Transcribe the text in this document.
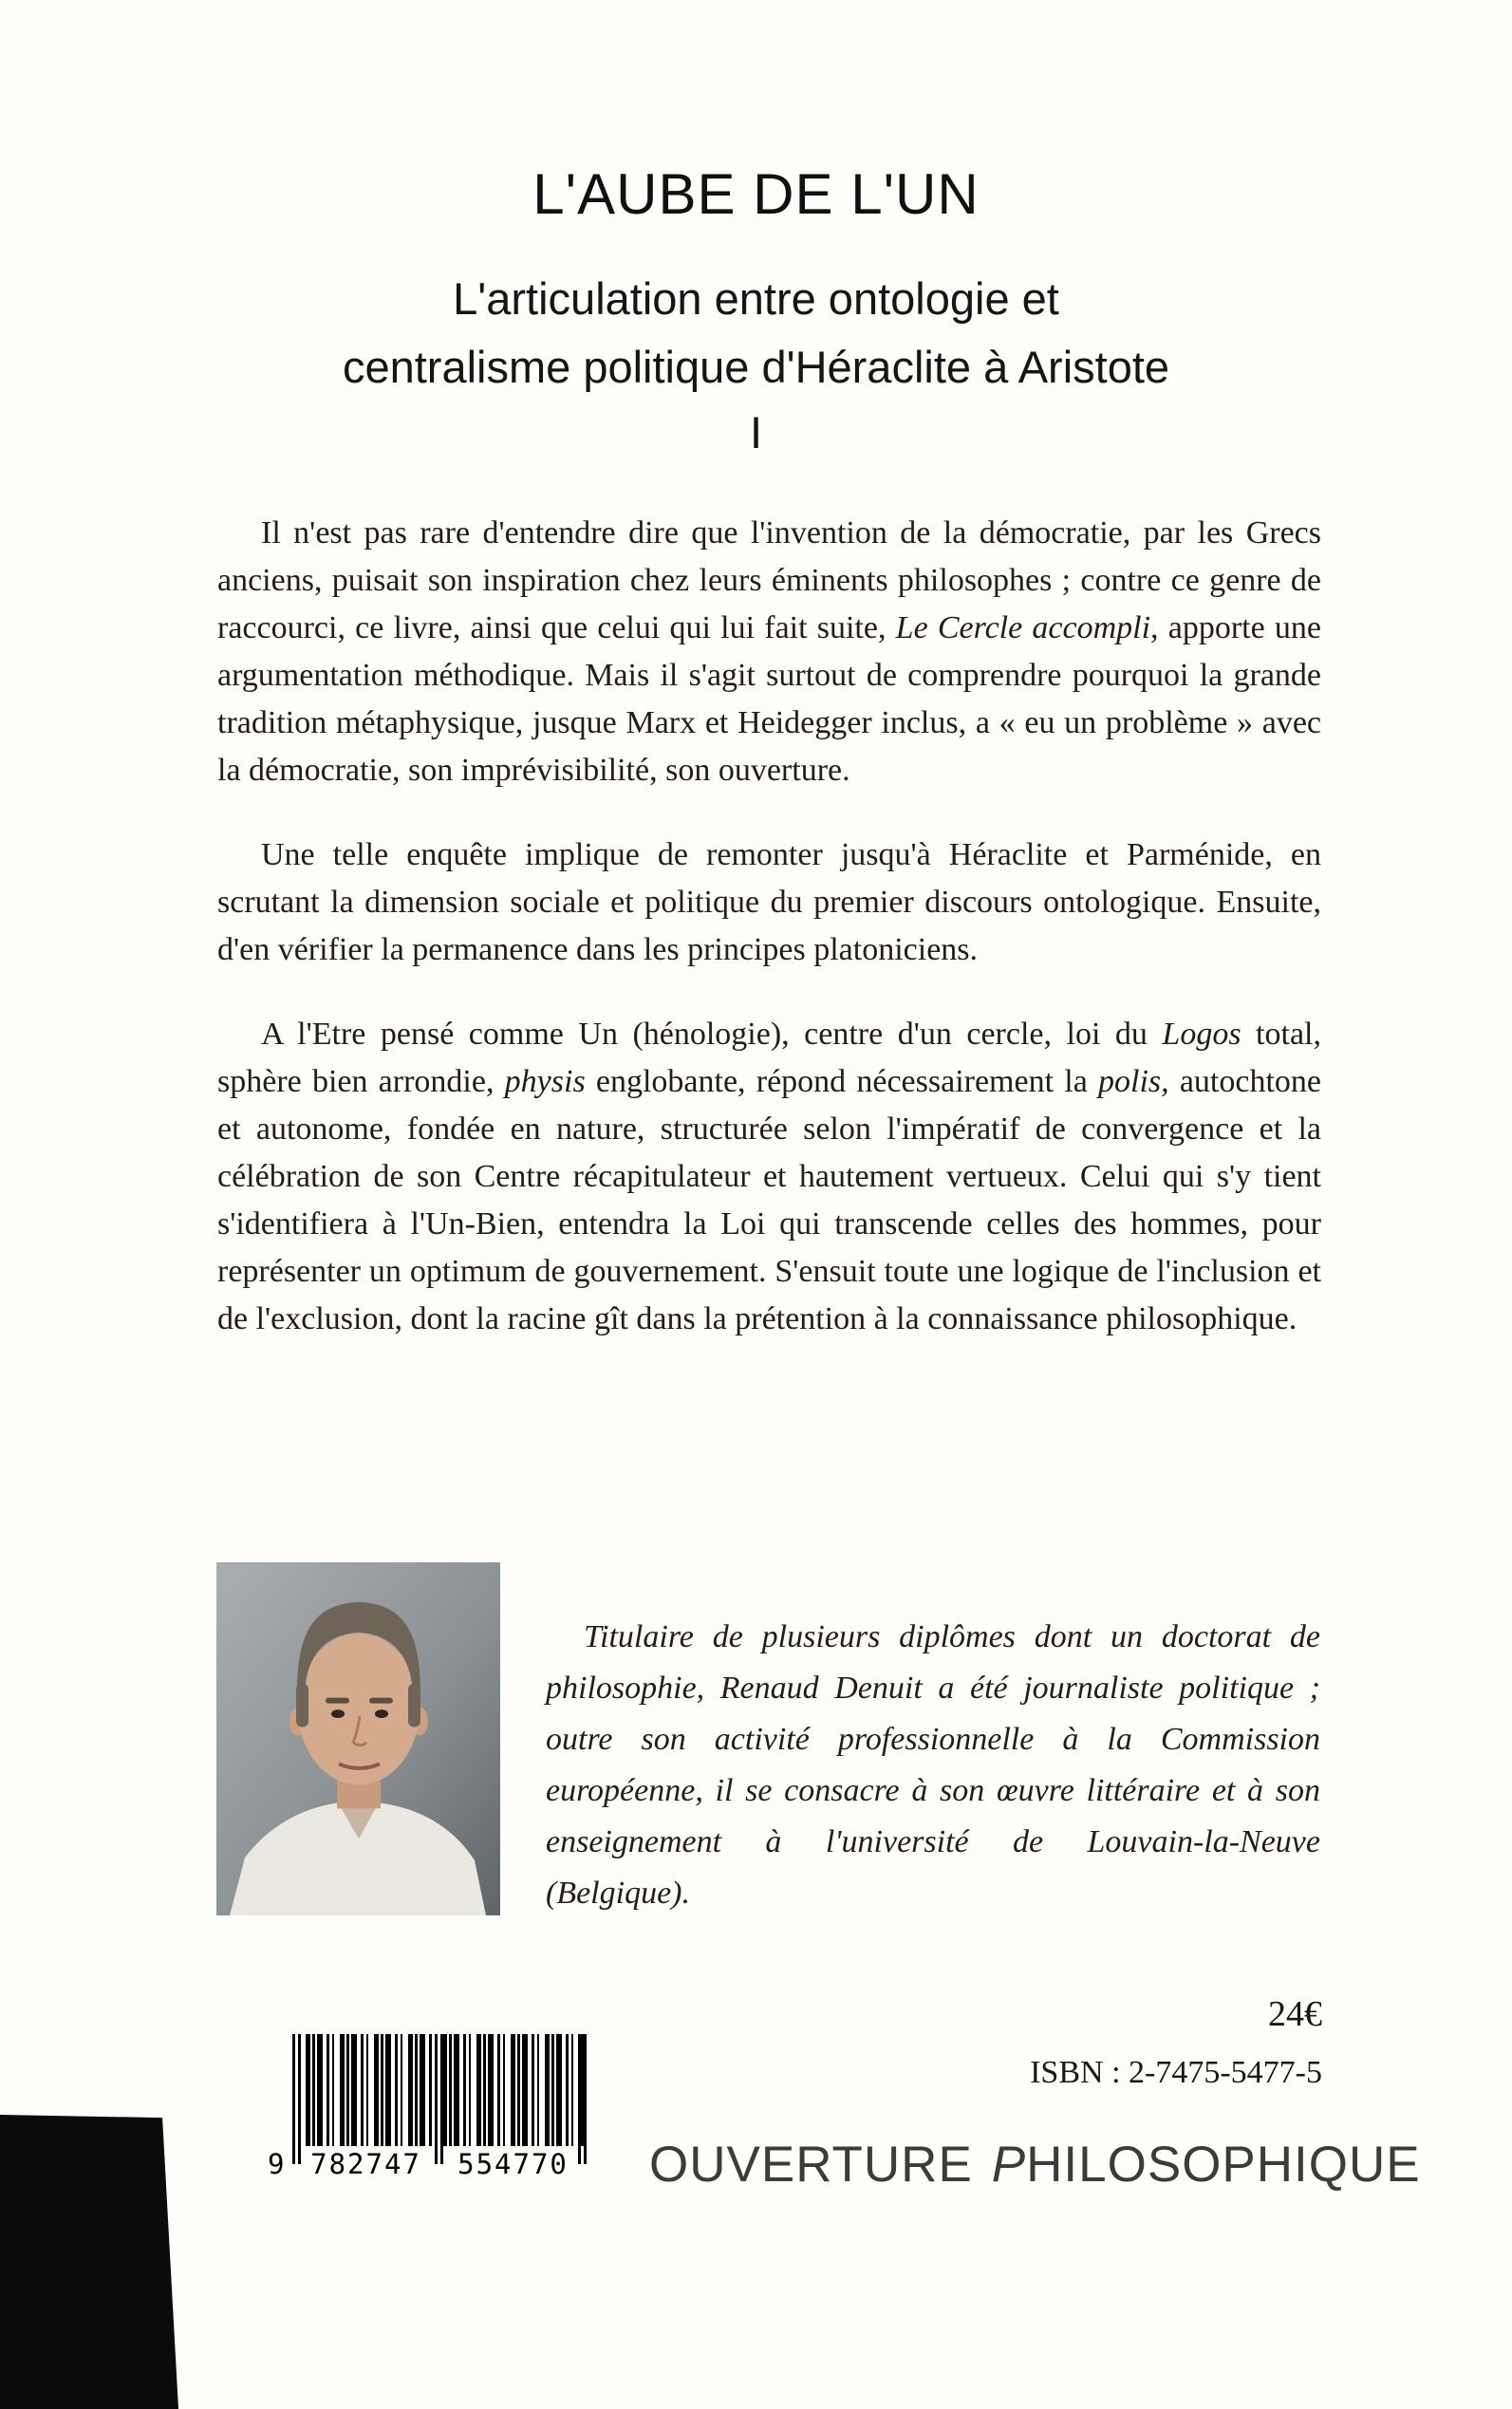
L'AUBE DE L'UN
L'articulation entre ontologie et
centralisme politique d'Héraclite à Aristote
I

Il n'est pas rare d'entendre dire que l'invention de la démocratie, par les Grecs anciens, puisait son inspiration chez leurs éminents philosophes ; contre ce genre de raccourci, ce livre, ainsi que celui qui lui fait suite, Le Cercle accompli, apporte une argumentation méthodique. Mais il s'agit surtout de comprendre pourquoi la grande tradition métaphysique, jusque Marx et Heidegger inclus, a « eu un problème » avec la démocratie, son imprévisibilité, son ouverture.

Une telle enquête implique de remonter jusqu'à Héraclite et Parménide, en scrutant la dimension sociale et politique du premier discours ontologique. Ensuite, d'en vérifier la permanence dans les principes platoniciens.

A l'Etre pensé comme Un (hénologie), centre d'un cercle, loi du Logos total, sphère bien arrondie, physis englobante, répond nécessairement la polis, autochtone et autonome, fondée en nature, structurée selon l'impératif de convergence et la célébration de son Centre récapitulateur et hautement vertueux. Celui qui s'y tient s'identifiera à l'Un-Bien, entendra la Loi qui transcende celles des hommes, pour représenter un optimum de gouvernement. S'ensuit toute une logique de l'inclusion et de l'exclusion, dont la racine gît dans la prétention à la connaissance philosophique.

Titulaire de plusieurs diplômes dont un doctorat de philosophie, Renaud Denuit a été journaliste politique ; outre son activité professionnelle à la Commission européenne, il se consacre à son œuvre littéraire et à son enseignement à l'université de Louvain-la-Neuve (Belgique).
24€
ISBN : 2-7475-5477-5
9 782747	554770	OUVERTURE PHILOSOPHIQUE
